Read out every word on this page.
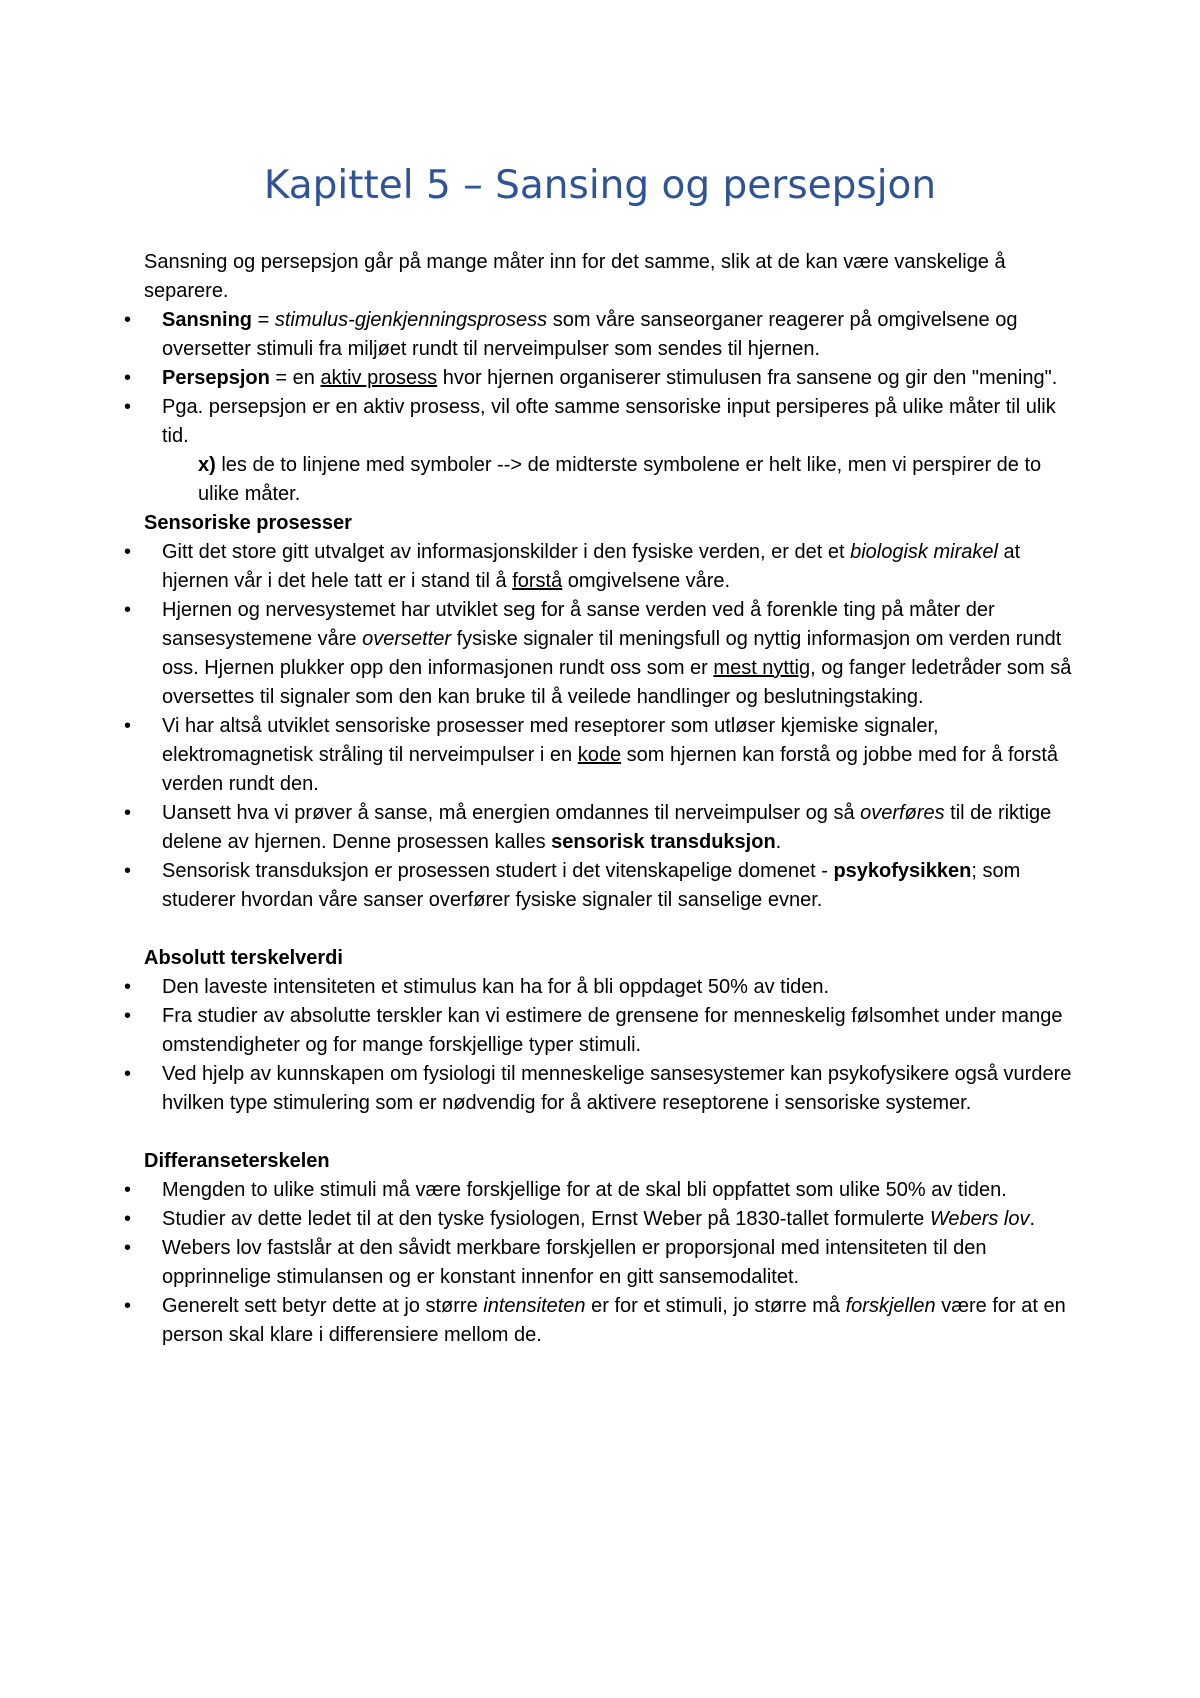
Kapittel 5 – Sansing og persepsjon

Sansning og persepsjon går på mange måter inn for det samme, slik at de kan være vanskelige å separere.

• Sansning = stimulus-gjenkjenningsprosess som våre sanseorganer reagerer på omgivelsene og oversetter stimuli fra miljøet rundt til nerveimpulser som sendes til hjernen.
• Persepsjon = en aktiv prosess hvor hjernen organiserer stimulusen fra sansene og gir den "mening".
• Pga. persepsjon er en aktiv prosess, vil ofte samme sensoriske input persiperes på ulike måter til ulik tid.

x) les de to linjene med symboler --> de midterste symbolene er helt like, men vi perspirer de to ulike måter.

Sensoriske prosesser

• Gitt det store gitt utvalget av informasjonskilder i den fysiske verden, er det et biologisk mirakel at hjernen vår i det hele tatt er i stand til å forstå omgivelsene våre.
• Hjernen og nervesystemet har utviklet seg for å sanse verden ved å forenkle ting på måter der sansesystemene våre oversetter fysiske signaler til meningsfull og nyttig informasjon om verden rundt oss. Hjernen plukker opp den informasjonen rundt oss som er mest nyttig, og fanger ledetråder som så oversettes til signaler som den kan bruke til å veilede handlinger og beslutningstaking.
• Vi har altså utviklet sensoriske prosesser med reseptorer som utløser kjemiske signaler, elektromagnetisk stråling til nerveimpulser i en kode som hjernen kan forstå og jobbe med for å forstå verden rundt den.
• Uansett hva vi prøver å sanse, må energien omdannes til nerveimpulser og så overføres til de riktige delene av hjernen. Denne prosessen kalles sensorisk transduksjon.
• Sensorisk transduksjon er prosessen studert i det vitenskapelige domenet - psykofysikken; som studerer hvordan våre sanser overfører fysiske signaler til sanselige evner.

Absolutt terskelverdi

• Den laveste intensiteten et stimulus kan ha for å bli oppdaget 50% av tiden.
• Fra studier av absolutte terskler kan vi estimere de grensene for menneskelig følsomhet under mange omstendigheter og for mange forskjellige typer stimuli.
• Ved hjelp av kunnskapen om fysiologi til menneskelige sansesystemer kan psykofysikere også vurdere hvilken type stimulering som er nødvendig for å aktivere reseptorene i sensoriske systemer.

Differanseterskelen

• Mengden to ulike stimuli må være forskjellige for at de skal bli oppfattet som ulike 50% av tiden.
• Studier av dette ledet til at den tyske fysiologen, Ernst Weber på 1830-tallet formulerte Webers lov.
• Webers lov fastslår at den såvidt merkbare forskjellen er proporsjonal med intensiteten til den opprinnelige stimulansen og er konstant innenfor en gitt sansemodalitet.
• Generelt sett betyr dette at jo større intensiteten er for et stimuli, jo større må forskjellen være for at en person skal klare i differensiere mellom de.
